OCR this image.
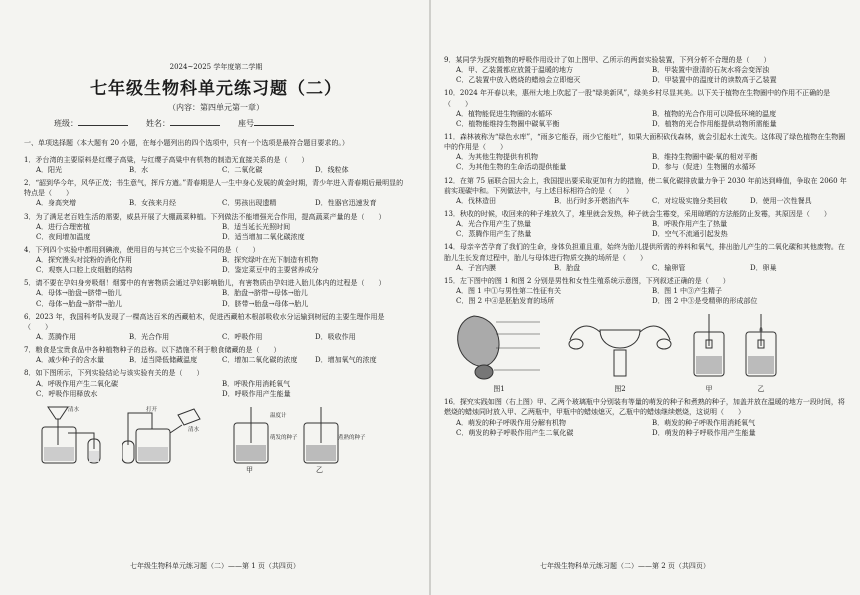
2024~2025 学年度第二学期
七年级生物科单元练习题（二）
（内容：第四单元第一章）
班级：	姓名：	座号
一、单项选择题（本大题有 20 小题，在每小题列出的四个选项中，只有一个选项是最符合题目要求的。）
1．矛台湾的主要原料是红缨子高粱，与红缨子高粱中有机物的制造无直接关系的是（　　）
A．阳光	B．水	C．二氧化碳	D．线粒体
2．“韶到华今年，风华正茂；书生意气，挥斥方遒。”青春期是人一生中身心发展的黄金时期，青少年进入青春期后最明显的特点是（　　）
A．身高突增	B．女孩来月经	C．男孩出现遗精	D．性器官迅速发育
3．为了满足老百姓生活的需要，威县开展了大棚蔬菜种植。下列做法不能增强光合作用，提高蔬菜产量的是（　　）
A．进行合理密植	B．适当延长光照时间
C．夜间增加温度	D．适当增加二氧化碳浓度
4．下列四个实验中都用到碘液，使用目的与其它三个实验不同的是（　　）
A．探究馒头对淀粉的消化作用	B．探究绿叶在光下制造有机物
C．观察人口腔上皮细胞的结构	D．鉴定菜豆中的主要营养成分
5．请不要在孕妇身旁吸烟！烟雾中的有害物质会通过孕妇影响胎儿，有害物质由孕妇进入胎儿体内的过程是（　　）
A．母体→胎盘→脐带→胎儿	B．胎盘→脐带→母体→胎儿
C．母体→胎盘→脐带→胎儿	D．脐带→胎盘→母体→胎儿
6．2023 年，我国科考队发现了一棵高达百米的西藏柏木，促进西藏柏木根部吸收水分运输到树冠的主要生理作用是（　　）
A．蒸腾作用	B．光合作用	C．呼吸作用	D．吸收作用
7．粮食是宝贵食品中各种植物种子的总称。以下措施不利于粮食储藏的是（　　）
A．减少种子的含水量	B．适当降低储藏温度	C．增加二氧化碳的浓度	D．增加氧气的浓度
8．如下图所示，下列实验结论与该实验有关的是（　　）
A．呼吸作用产生二氧化碳	B．呼吸作用消耗氧气
C．呼吸作用释放水	D．呼吸作用产生能量
清水	打开
清水
温度计
萌发的种子	煮熟的种子
甲	乙
七年级生物科单元练习题（二）——第 1 页（共四页）
9．某同学为探究植物的呼吸作用设计了如上图甲、乙所示的两套实验装置，下列分析不合理的是（　　）
A．甲、乙装置都应放置于温暖的地方	B．甲装置中澄清的石灰水将会变浑浊
C．乙装置中放入燃烧的蜡烛会立即熄灭	D．甲装置中的温度计的读数高于乙装置
10．2024 年开春以来，惠州大地上吹起了一股“绿美新风”，绿美乡村尽显其美。以下关于植物在生物圈中的作用不正确的是（　　）
A．植物能促进生物圈的水循环	B．植物的光合作用可以降低环境的温度
C．植物能维持生物圈中碳氧平衡	D．植物的光合作用能提供动物所需能量
11．森林被称为“绿色水库”，“雨多它能吞，雨少它能吐”，如果大面积砍伐森林，就会引起水土流失。这体现了绿色植物在生物圈中的作用是（　　）
A．为其他生物提供有机物	B．维持生物圈中碳-氧的相对平衡
C．为其他生物的生命活动提供能量	D．参与（促进）生物圈的水循环
12．在第 75 届联合国大会上，我国提出要采取更加有力的措施，使二氧化碳排放量力争于 2030 年前达到峰值，争取在 2060 年前实现碳中和。下列做法中，与上述目标相符合的是（　　）
A．伐林造田	B．出行时多开燃油汽车	C．对垃圾实施分类回收	D．使用一次性餐具
13．秋收的时候，收回来的种子堆放久了，堆里就会发热，种子就会生霉变，采用晾晒的方法能防止发霉，其原因是（　　）
A．光合作用产生了热量	B．呼吸作用产生了热量
C．蒸腾作用产生了热量	D．空气不流通引起发热
14．母亲辛苦孕育了我们的生命，身体负担重且重，始终为胎儿提供所需的养料和氧气，排出胎儿产生的二氧化碳和其他废物。在胎儿生长发育过程中，胎儿与母体进行物质交换的场所是（　　）
A．子宫内膜	B．胎盘	C．输卵管	D．卵巢
15．左下图中的图 1 和图 2 分别是男性和女性生殖系统示意图，下列叙述正确的是（　　）
A．图 1 中①与男性第二性征有关	B．图 1 中③产生精子
C．图 2 中④是胚胎发育的场所	D．图 2 中③是受精卵的形成部位
图1	图2	甲	乙
16．探究实践如图（右上图）甲、乙两个玻璃瓶中分别装有等量的萌发的种子和煮熟的种子，加盖并放在温暖的地方一段时间，将燃烧的蜡烛同时放入甲、乙两瓶中，甲瓶中的蜡烛熄灭，乙瓶中的蜡烛继续燃烧，这说明（　　）
A．萌发的种子呼吸作用分解有机物	B．萌发的种子呼吸作用消耗氧气
C．萌发的种子呼吸作用产生二氧化碳	D．萌发的种子呼吸作用产生能量
七年级生物科单元练习题（二）——第 2 页（共四页）
